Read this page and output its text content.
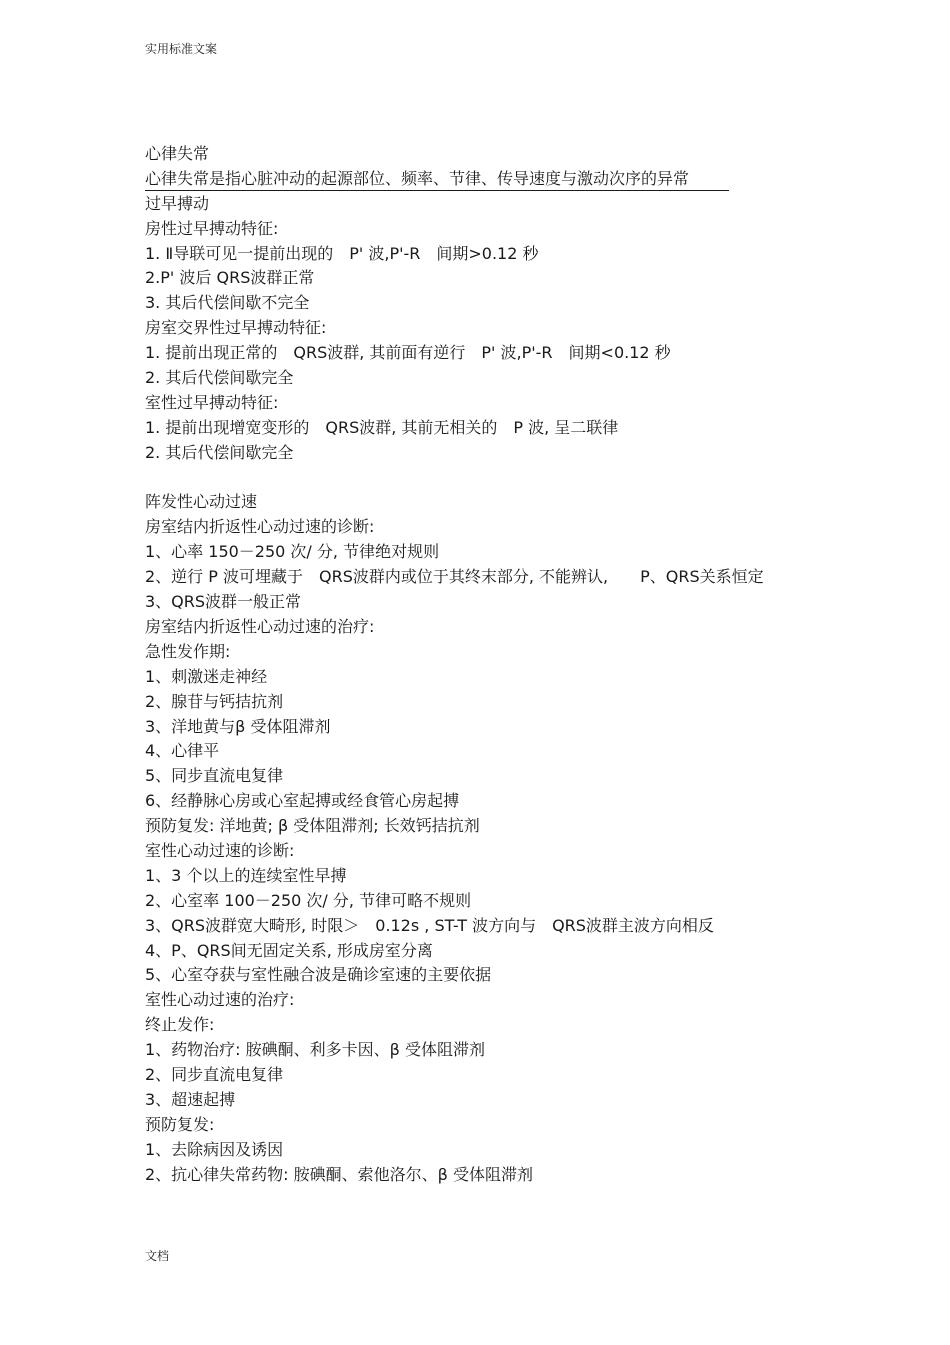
实用标准文案
心律失常
心律失常是指心脏冲动的起源部位、频率、节律、传导速度与激动次序的异常
过早搏动
房性过早搏动特征:
1. Ⅱ导联可见一提前出现的　P' 波,P'-R　间期>0.12 秒
2.P' 波后 QRS波群正常
3. 其后代偿间歇不完全
房室交界性过早搏动特征:
1. 提前出现正常的　QRS波群, 其前面有逆行　P' 波,P'-R　间期<0.12 秒
2. 其后代偿间歇完全
室性过早搏动特征:
1. 提前出现增宽变形的　QRS波群, 其前无相关的　P 波, 呈二联律
2. 其后代偿间歇完全
阵发性心动过速
房室结内折返性心动过速的诊断:
1、心率 150－250 次/ 分, 节律绝对规则
2、逆行 P 波可埋藏于　QRS波群内或位于其终末部分, 不能辨认,　　P、QRS关系恒定
3、QRS波群一般正常
房室结内折返性心动过速的治疗:
急性发作期:
1、刺激迷走神经
2、腺苷与钙拮抗剂
3、洋地黄与β 受体阻滞剂
4、心律平
5、同步直流电复律
6、经静脉心房或心室起搏或经食管心房起搏
预防复发: 洋地黄; β 受体阻滞剂; 长效钙拮抗剂
室性心动过速的诊断:
1、3 个以上的连续室性早搏
2、心室率 100－250 次/ 分, 节律可略不规则
3、QRS波群宽大畸形, 时限＞　0.12s , ST-T 波方向与　QRS波群主波方向相反
4、P、QRS间无固定关系, 形成房室分离
5、心室夺获与室性融合波是确诊室速的主要依据
室性心动过速的治疗:
终止发作:
1、药物治疗: 胺碘酮、利多卡因、β 受体阻滞剂
2、同步直流电复律
3、超速起搏
预防复发:
1、去除病因及诱因
2、抗心律失常药物: 胺碘酮、索他洛尔、β 受体阻滞剂
文档
